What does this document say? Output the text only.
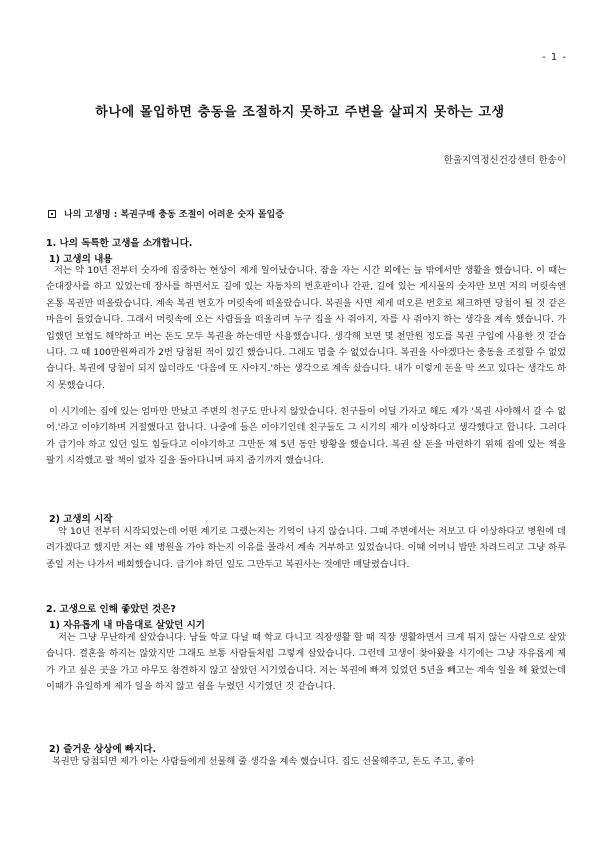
- 1 -
하나에 몰입하면 충동을 조절하지 못하고 주변을 살피지 못하는 고생
한울지역정신건강센터 한송이
나의 고생명 : 복권구매 충동 조절이 어려운 숫자 몰입증
1. 나의 독특한 고생을 소개합니다.
1) 고생의 내용

저는 약 10년 전부터 숫자에 집중하는 현상이 제게 일어났습니다. 잠을 자는 시간 외에는 늘 밖에서만 생활을 했습니다. 이 때는 순대장사를 하고 있었는데 장사를 하면서도 길에 있는 자동차의 번호판이나 간판, 길에 있는 게시물의 숫자만 보면 저의 머릿속엔 온통 복권만 떠올랐습니다. 계속 복권 번호가 머릿속에 떠올랐습니다. 복권을 사면 제게 떠오른 번호로 체크하면 당첨이 될 것 같은 마음이 들었습니다. 그래서 머릿속에 오는 사람들을 떠올리며 누구 집을 사 줘야지, 자를 사 줘야지 하는 생각을 계속 했습니다. 가입했던 보험도 해약하고 버는 돈도 모두 복권을 하는데만 사용했습니다. 생각해 보면 몇 천만원 정도를 복권 구입에 사용한 것 같습니다. 그 때 100만원짜리가 2번 당첨된 적이 있긴 했습니다. 그래도 멈출 수 없었습니다. 복권을 사야겠다는 충동을 조절할 수 없었습니다. 복권에 당첨이 되지 않더라도 '다음에 또 사야지.'하는 생각으로 계속 샀습니다. 내가 이렇게 돈을 막 쓰고 있다는 생각도 하지 못했습니다.

이 시기에는 집에 있는 엄마만 만났고 주변의 친구도 만나지 않았습니다. 친구들이 어딜 가자고 해도 제가 '복권 사야해서 갈 수 없어.'라고 이야기하며 거절했다고 합니다. 나중에 들은 이야기인데 친구들도 그 시기의 제가 이상하다고 생각했다고 합니다. 그러다가 급기야 하고 있던 일도 힘들다고 이야기하고 그만둔 채 5년 동안 방황을 했습니다. 복권 살 돈을 마련하기 위해 집에 있는 책을 팔기 시작했고 팔 책이 없자 길을 돌아다니며 파지 줍기까지 했습니다.

2) 고생의 시작

약 10년 전부터 시작되었는데 어떤 계기로 그랬는지는 기억이 나지 않습니다. 그때 주변에서는 저보고 다 이상하다고 병원에 데려가겠다고 했지만 저는 왜 병원을 가야 하는지 이유를 몰라서 계속 거부하고 있었습니다. 이때 어머니 밥만 차려드리고 그냥 하루종일 저는 나가서 배회했습니다. 급기야 하던 일도 그만두고 복권사는 것에만 매달렸습니다.

2. 고생으로 인해 좋았던 것은?
1) 자유롭게 내 마음대로 살았던 시기

저는 그냥 무난하게 살았습니다. 남들 학교 다닐 때 학교 다니고 직장생활 할 때 직장 생활하면서 크게 튀지 않는 사람으로 살았습니다. 결혼을 하지는 않았지만 그래도 보통 사람들처럼 그렇게 살았습니다. 그런데 고생이 찾아왔을 시기에는 그냥 자유롭게 제가 가고 싶은 곳을 가고 아무도 참견하지 않고 살았던 시기였습니다. 저는 복권에 빠져 있었던 5년을 빼고는 계속 일을 해 왔었는데 이때가 유일하게 제가 일을 하지 않고 쉼을 누렸던 시기였던 것 같습니다.

2) 즐거운 상상에 빠지다.

복권만 당첨되면 제가 아는 사람들에게 선물해 줄 생각을 계속 했습니다. 집도 선물해주고, 돈도 주고, 좋아
